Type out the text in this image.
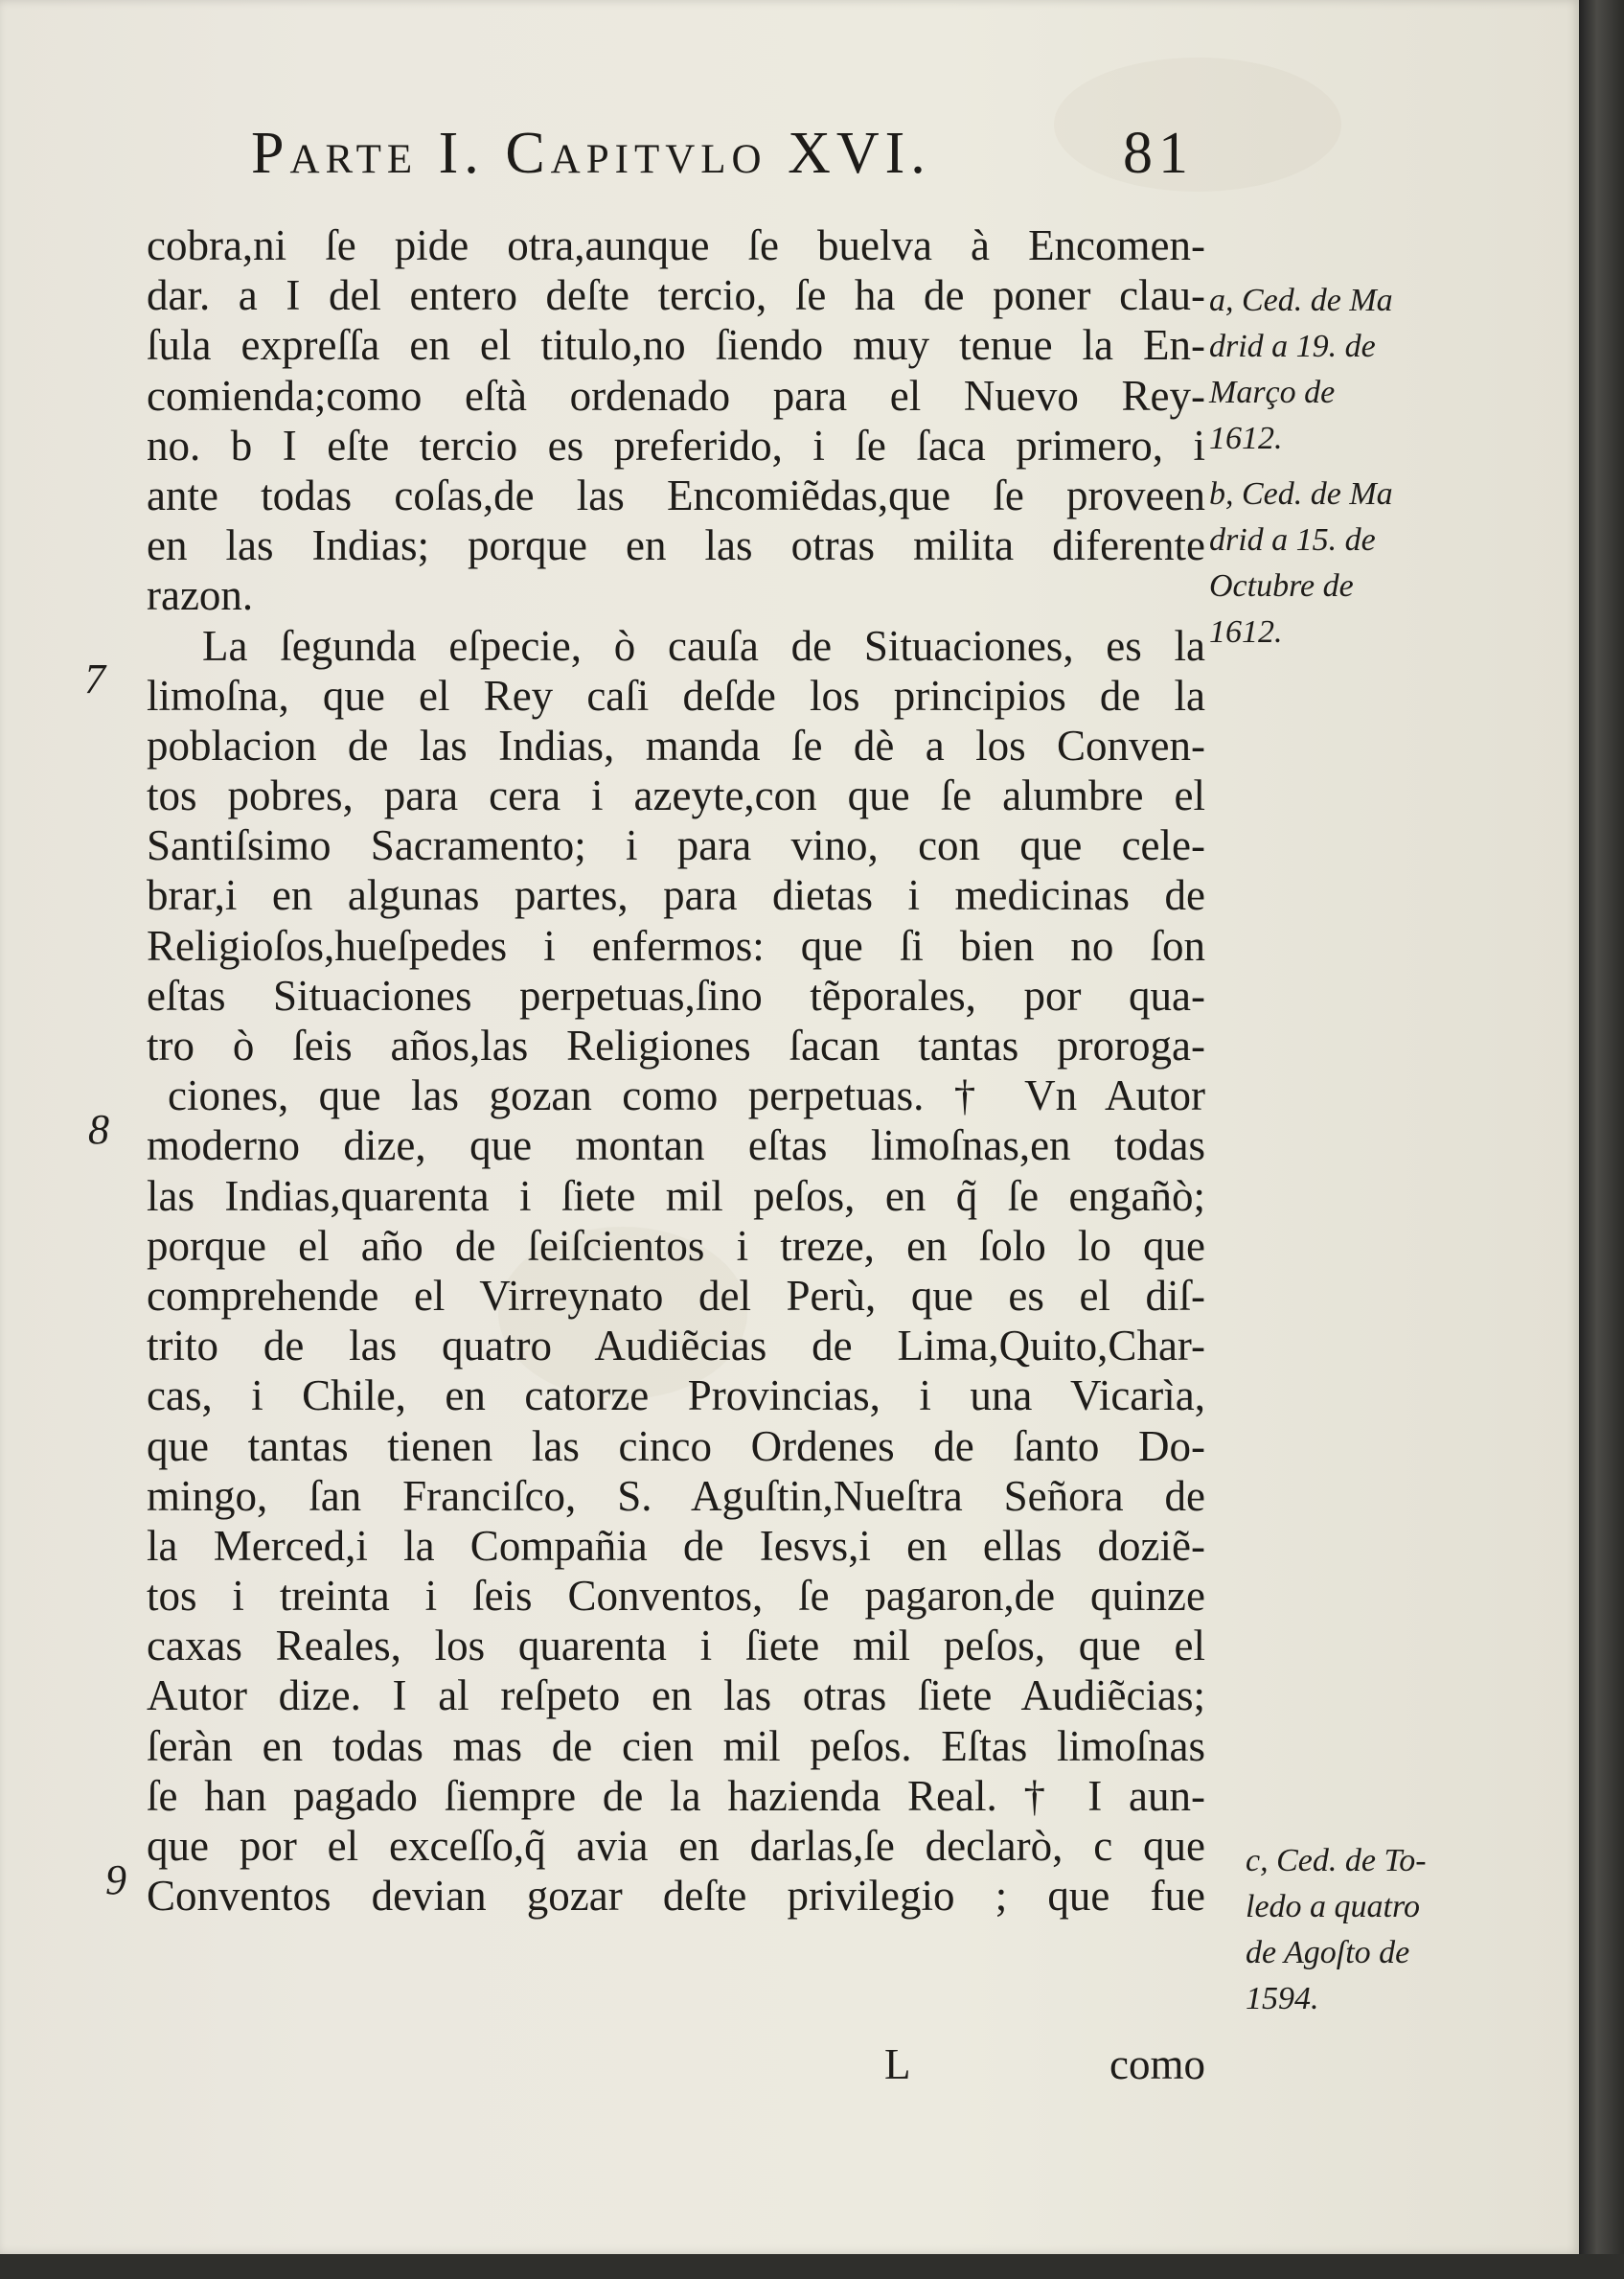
Parte I. Capitvlo XVI.	81
cobra,ni ſe pide otra,aunque ſe buelva à Encomen-
dar. a I del entero deſte tercio, ſe ha de poner clau-
ſula expreſſa en el titulo,no ſiendo muy tenue la En-
comienda;como eſtà ordenado para el Nuevo Rey-
no. b I eſte tercio es preferido, i ſe ſaca primero, i
ante todas coſas,de las Encomiẽdas,que ſe proveen
en las Indias; porque en las otras milita diferente
razon.
La ſegunda eſpecie, ò cauſa de Situaciones, es la
limoſna, que el Rey caſi deſde los principios de la
poblacion de las Indias, manda ſe dè a los Conven-
tos pobres, para cera i azeyte,con que ſe alumbre el
Santiſsimo Sacramento; i para vino, con que cele-
brar,i en algunas partes, para dietas i medicinas de
Religioſos,hueſpedes i enfermos: que ſi bien no ſon
eſtas Situaciones perpetuas,ſino tẽporales, por qua-
tro ò ſeis años,las Religiones ſacan tantas proroga-
ciones, que las gozan como perpetuas. † Vn Autor
moderno dize, que montan eſtas limoſnas,en todas
las Indias,quarenta i ſiete mil peſos, en q̃ ſe engañò;
porque el año de ſeiſcientos i treze, en ſolo lo que
comprehende el Virreynato del Perù, que es el diſ-
trito de las quatro Audiẽcias de Lima,Quito,Char-
cas, i Chile, en catorze Provincias, i una Vicarìa,
que tantas tienen las cinco Ordenes de ſanto Do-
mingo, ſan Franciſco, S. Aguſtin,Nueſtra Señora de
la Merced,i la Compañia de Iesvs,i en ellas doziẽ-
tos i treinta i ſeis Conventos, ſe pagaron,de quinze
caxas Reales, los quarenta i ſiete mil peſos, que el
Autor dize. I al reſpeto en las otras ſiete Audiẽcias;
ſeràn en todas mas de cien mil peſos. Eſtas limoſnas
ſe han pagado ſiempre de la hazienda Real. † I aun-
que por el exceſſo,q̃ avia en darlas,ſe declarò, c que
Conventos devian gozar deſte privilegio ; que fue
7
8
9
a, Ced. de Ma
drid a 19. de
Março de
1612.
b, Ced. de Ma
drid a 15. de
Octubre de
1612.
c, Ced. de To-
ledo a quatro
de Agoſto de
1594.
L	como
